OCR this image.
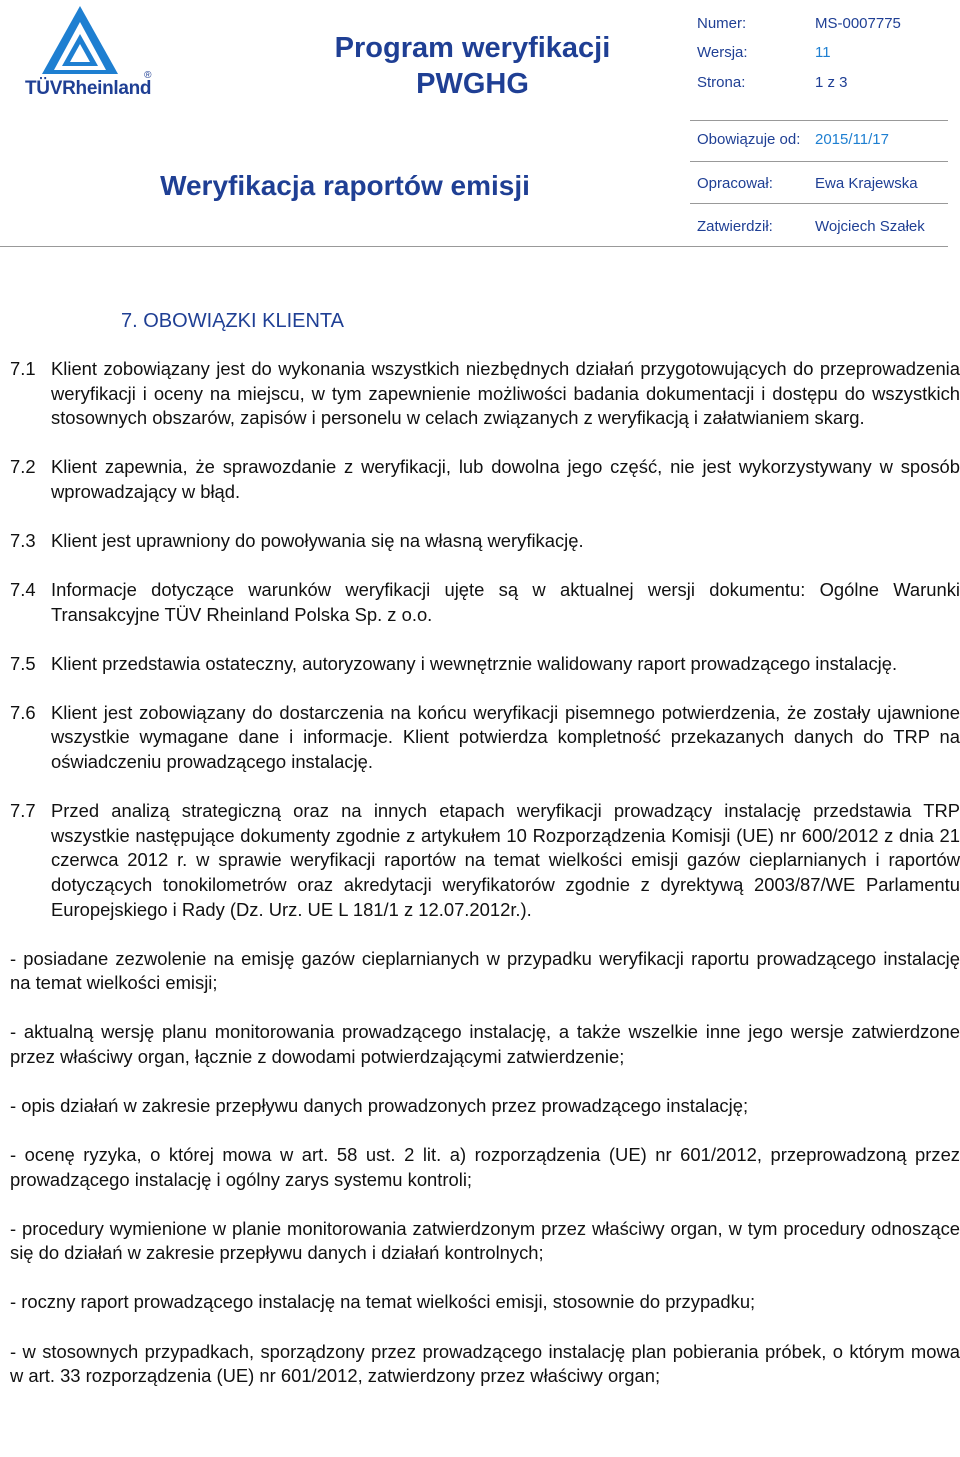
TÜVRheinland
®
Program weryfikacji
PWGHG
Weryfikacja raportów emisji
Numer:	MS-0007775
Wersja:	11
Strona:	1 z 3
Obowiązuje od: 2015/11/17
Opracował:	Ewa Krajewska
Zatwierdził:	Wojciech Szałek
7. OBOWIĄZKI KLIENTA

7.1 Klient zobowiązany jest do wykonania wszystkich niezbędnych działań przygotowujących do przeprowadzenia weryfikacji i oceny na miejscu, w tym zapewnienie możliwości badania dokumentacji i dostępu do wszystkich stosownych obszarów, zapisów i personelu w celach związanych z weryfikacją i załatwianiem skarg.

7.2 Klient zapewnia, że sprawozdanie z weryfikacji, lub dowolna jego część, nie jest wykorzystywany w sposób wprowadzający w błąd.

7.3 Klient jest uprawniony do powoływania się na własną weryfikację.

7.4 Informacje dotyczące warunków weryfikacji ujęte są w aktualnej wersji dokumentu: Ogólne Warunki Transakcyjne TÜV Rheinland Polska Sp. z o.o.

7.5 Klient przedstawia ostateczny, autoryzowany i wewnętrznie walidowany raport prowadzącego instalację.

7.6 Klient jest zobowiązany do dostarczenia na końcu weryfikacji pisemnego potwierdzenia, że zostały ujawnione wszystkie wymagane dane i informacje. Klient potwierdza kompletność przekazanych danych do TRP na oświadczeniu prowadzącego instalację.

7.7 Przed analizą strategiczną oraz na innych etapach weryfikacji prowadzący instalację przedstawia TRP wszystkie następujące dokumenty zgodnie z artykułem 10 Rozporządzenia Komisji (UE) nr 600/2012 z dnia 21 czerwca 2012 r. w sprawie weryfikacji raportów na temat wielkości emisji gazów cieplarnianych i raportów dotyczących tonokilometrów oraz akredytacji weryfikatorów zgodnie z dyrektywą 2003/87/WE Parlamentu Europejskiego i Rady (Dz. Urz. UE L 181/1 z 12.07.2012r.).

- posiadane zezwolenie na emisję gazów cieplarnianych w przypadku weryfikacji raportu prowadzącego instalację na temat wielkości emisji;

- aktualną wersję planu monitorowania prowadzącego instalację, a także wszelkie inne jego wersje zatwierdzone przez właściwy organ, łącznie z dowodami potwierdzającymi zatwierdzenie;

- opis działań w zakresie przepływu danych prowadzonych przez prowadzącego instalację;

- ocenę ryzyka, o której mowa w art. 58 ust. 2 lit. a) rozporządzenia (UE) nr 601/2012, przeprowadzoną przez prowadzącego instalację i ogólny zarys systemu kontroli;

- procedury wymienione w planie monitorowania zatwierdzonym przez właściwy organ, w tym procedury odnoszące się do działań w zakresie przepływu danych i działań kontrolnych;

- roczny raport prowadzącego instalację na temat wielkości emisji, stosownie do przypadku;

- w stosownych przypadkach, sporządzony przez prowadzącego instalację plan pobierania próbek, o którym mowa w art. 33 rozporządzenia (UE) nr 601/2012, zatwierdzony przez właściwy organ;
